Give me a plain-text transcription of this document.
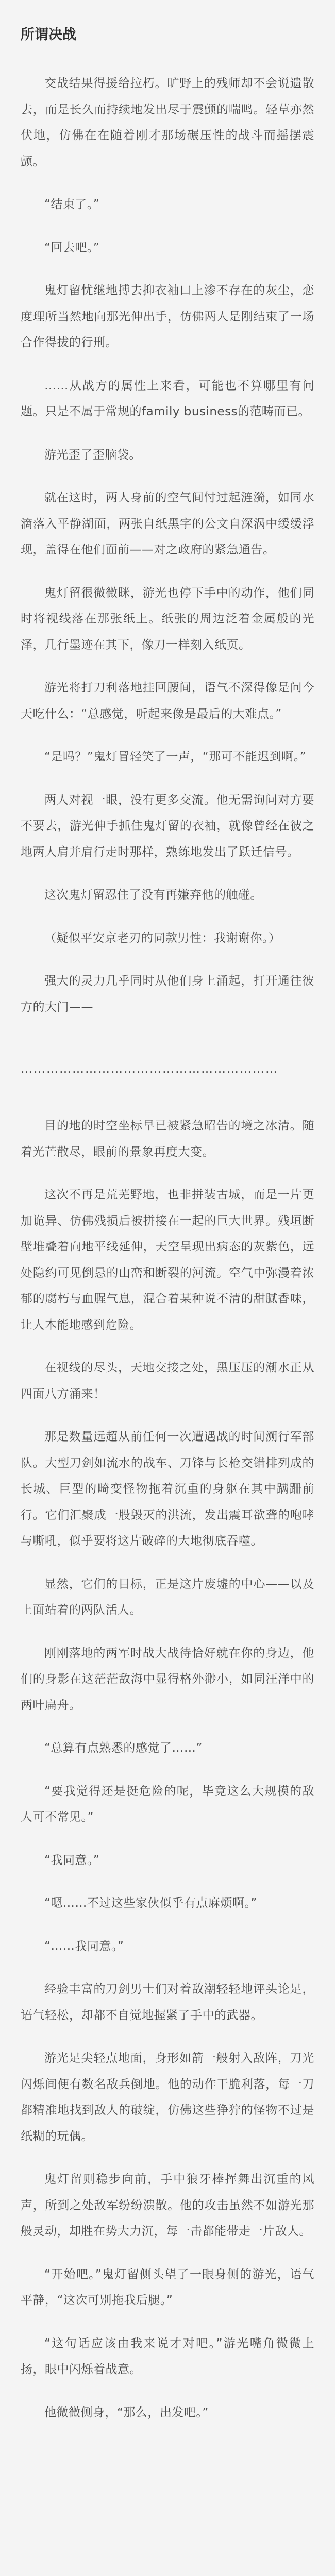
所谓决战

交战结果得援给拉朽。旷野上的残师却不会说遗散去，而是长久而持续地发出尽于震颤的喘鸣。轻草亦然伏地，仿佛在在随着刚才那场碾压性的战斗而摇摆震颤。

“结束了。”

“回去吧。”

鬼灯留忧继地搏去抑衣袖口上渗不存在的灰尘，恋度理所当然地向那光伸出手，仿佛两人是刚结束了一场合作得拔的行刑。

……从战方的属性上来看，可能也不算哪里有问题。只是不属于常规的family business的范畴而已。

游光歪了歪脑袋。

就在这时，两人身前的空气间忖过起涟漪，如同水滴落入平静湖面，两张自纸黑字的公文自深涡中缓缓浮现，盖得在他们面前——对之政府的紧急通告。

鬼灯留很微微眯，游光也停下手中的动作，他们同时将视线落在那张纸上。纸张的周边泛着金属般的光泽，几行墨迹在其下，像刀一样刻入纸页。

游光将打刀利落地挂回腰间，语气不深得像是问今天吃什么：“总感觉，听起来像是最后的大难点。”

“是吗？”鬼灯冒轻笑了一声，“那可不能迟到啊。”

两人对视一眼，没有更多交流。他无需询问对方要不要去，游光伸手抓住鬼灯留的衣袖，就像曾经在彼之地两人肩并肩行走时那样，熟练地发出了跃迁信号。

这次鬼灯留忍住了没有再嫌弃他的触碰。

（疑似平安京老刃的同款男性：我谢谢你。）

强大的灵力几乎同时从他们身上涌起，打开通往彼方的大门——

……………………………………………………

目的地的时空坐标早已被紧急昭告的境之冰清。随着光芒散尽，眼前的景象再度大变。

这次不再是荒芜野地，也非拼装古城，而是一片更加诡异、仿佛残损后被拼接在一起的巨大世界。残垣断壁堆叠着向地平线延伸，天空呈现出病态的灰紫色，远处隐约可见倒悬的山峦和断裂的河流。空气中弥漫着浓郁的腐朽与血腥气息，混合着某种说不清的甜腻香味，让人本能地感到危险。

在视线的尽头，天地交接之处，黑压压的潮水正从四面八方涌来！

那是数量远超从前任何一次遭遇战的时间溯行军部队。大型刀剑如流水的战车、刀锋与长枪交错排列成的长城、巨型的畸变怪物拖着沉重的身躯在其中蹒跚前行。它们汇聚成一股毁灭的洪流，发出震耳欲聋的咆哮与嘶吼，似乎要将这片破碎的大地彻底吞噬。

显然，它们的目标，正是这片废墟的中心——以及上面站着的两队活人。

刚刚落地的两军时战大战待恰好就在你的身边，他们的身影在这茫茫敌海中显得格外渺小，如同汪洋中的两叶扁舟。

“总算有点熟悉的感觉了……”

“要我觉得还是挺危险的呢，毕竟这么大规模的敌人可不常见。”

“我同意。”

“嗯……不过这些家伙似乎有点麻烦啊。”

“……我同意。”

经验丰富的刀剑男士们对着敌潮轻轻地评头论足，语气轻松，却都不自觉地握紧了手中的武器。

游光足尖轻点地面，身形如箭一般射入敌阵，刀光闪烁间便有数名敌兵倒地。他的动作干脆利落，每一刀都精准地找到敌人的破绽，仿佛这些狰狞的怪物不过是纸糊的玩偶。

鬼灯留则稳步向前，手中狼牙棒挥舞出沉重的风声，所到之处敌军纷纷溃散。他的攻击虽然不如游光那般灵动，却胜在势大力沉，每一击都能带走一片敌人。

“开始吧。”鬼灯留侧头望了一眼身侧的游光，语气平静，“这次可别拖我后腿。”

“这句话应该由我来说才对吧。”游光嘴角微微上扬，眼中闪烁着战意。

他微微侧身，“那么，出发吧。”
